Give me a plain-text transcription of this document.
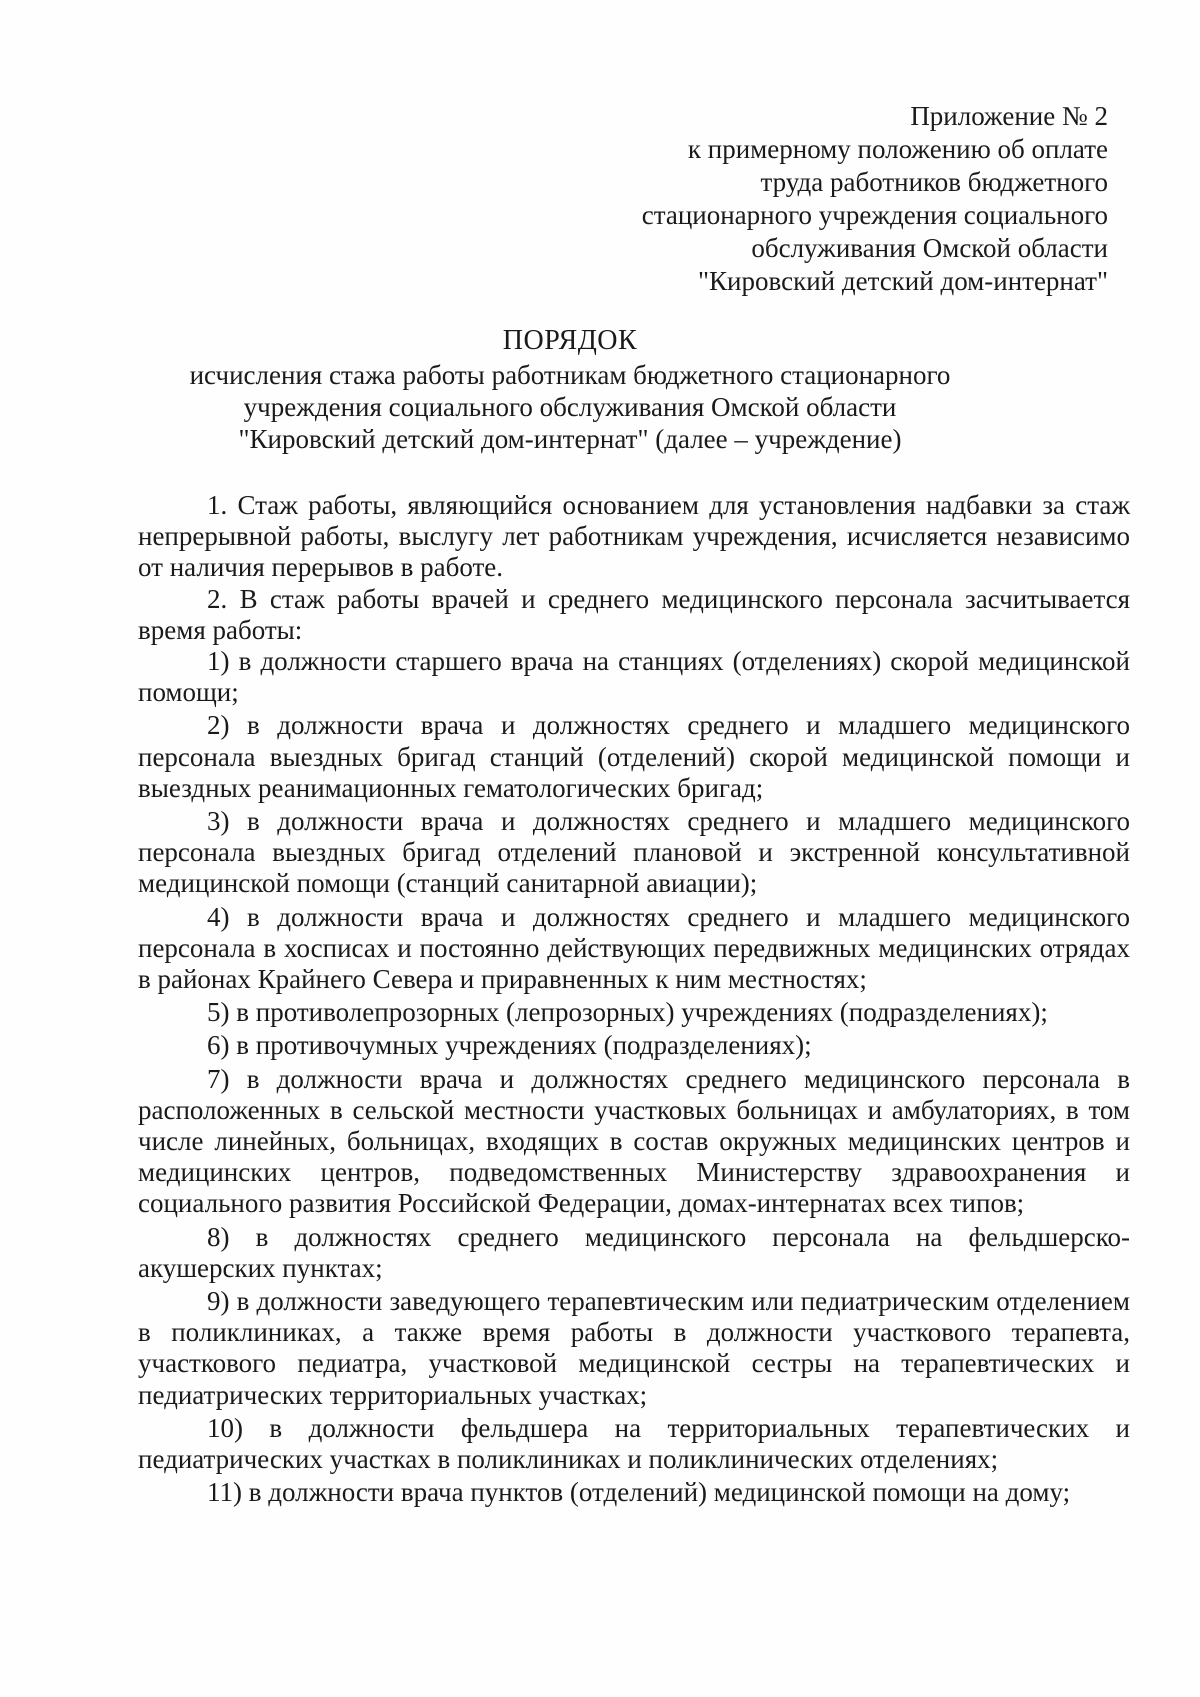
Приложение № 2
к примерному положению об оплате
труда работников бюджетного
стационарного учреждения социального
обслуживания Омской области
"Кировский детский дом-интернат"
ПОРЯДОК
исчисления стажа работы работникам бюджетного стационарного
учреждения социального обслуживания Омской области
"Кировский детский дом-интернат" (далее – учреждение)

1. Стаж работы, являющийся основанием для установления надбавки за стаж непрерывной работы, выслугу лет работникам учреждения, исчисляется независимо от наличия перерывов в работе.

2. В стаж работы врачей и среднего медицинского персонала засчитывается время работы:

1) в должности старшего врача на станциях (отделениях) скорой медицинской помощи;

2) в должности врача и должностях среднего и младшего медицинского персонала выездных бригад станций (отделений) скорой медицинской помощи и выездных реанимационных гематологических бригад;

3) в должности врача и должностях среднего и младшего медицинского персонала выездных бригад отделений плановой и экстренной консультативной медицинской помощи (станций санитарной авиации);

4) в должности врача и должностях среднего и младшего медицинского персонала в хосписах и постоянно действующих передвижных медицинских отрядах в районах Крайнего Севера и приравненных к ним местностях;

5) в противолепрозорных (лепрозорных) учреждениях (подразделениях);

6) в противочумных учреждениях (подразделениях);

7) в должности врача и должностях среднего медицинского персонала в расположенных в сельской местности участковых больницах и амбулаториях, в том числе линейных, больницах, входящих в состав окружных медицинских центров и медицинских центров, подведомственных Министерству здравоохранения и социального развития Российской Федерации, домах-интернатах всех типов;

8) в должностях среднего медицинского персонала на фельдшерско-акушерских пунктах;

9) в должности заведующего терапевтическим или педиатрическим отделением в поликлиниках, а также время работы в должности участкового терапевта, участкового педиатра, участковой медицинской сестры на терапевтических и педиатрических территориальных участках;

10) в должности фельдшера на территориальных терапевтических и педиатрических участках в поликлиниках и поликлинических отделениях;

11) в должности врача пунктов (отделений) медицинской помощи на дому;
